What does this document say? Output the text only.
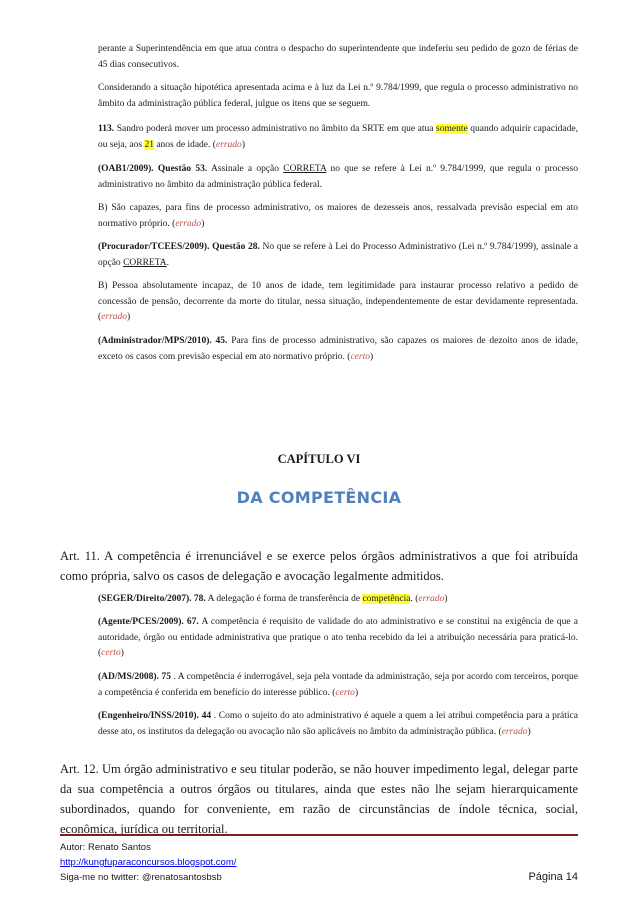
perante a Superintendência em que atua contra o despacho do superintendente que indeferiu seu pedido de gozo de férias de 45 dias consecutivos.
Considerando a situação hipotética apresentada acima e à luz da Lei n.º 9.784/1999, que regula o processo administrativo no âmbito da administração pública federal, julgue os itens que se seguem.
113. Sandro poderá mover um processo administrativo no âmbito da SRTE em que atua somente quando adquirir capacidade, ou seja, aos 21 anos de idade. (errado)
(OAB1/2009). Questão 53. Assinale a opção CORRETA no que se refere à Lei n.º 9.784/1999, que regula o processo administrativo no âmbito da administração pública federal.
B) São capazes, para fins de processo administrativo, os maiores de dezesseis anos, ressalvada previsão especial em ato normativo próprio. (errado)
(Procurador/TCEES/2009). Questão 28. No que se refere à Lei do Processo Administrativo (Lei n.º 9.784/1999), assinale a opção CORRETA.
B) Pessoa absolutamente incapaz, de 10 anos de idade, tem legitimidade para instaurar processo relativo a pedido de concessão de pensão, decorrente da morte do titular, nessa situação, independentemente de estar devidamente representada. (errado)
(Administrador/MPS/2010). 45. Para fins de processo administrativo, são capazes os maiores de dezoito anos de idade, exceto os casos com previsão especial em ato normativo próprio. (certo)
CAPÍTULO VI
DA COMPETÊNCIA
Art. 11. A competência é irrenunciável e se exerce pelos órgãos administrativos a que foi atribuída como própria, salvo os casos de delegação e avocação legalmente admitidos.
(SEGER/Direito/2007). 78. A delegação é forma de transferência de competência. (errado)
(Agente/PCES/2009). 67. A competência é requisito de validade do ato administrativo e se constitui na exigência de que a autoridade, órgão ou entidade administrativa que pratique o ato tenha recebido da lei a atribuição necessária para praticá-lo. (certo)
(AD/MS/2008). 75 . A competência é inderrogável, seja pela vontade da administração, seja por acordo com terceiros, porque a competência é conferida em benefício do interesse público. (certo)
(Engenheiro/INSS/2010). 44 . Como o sujeito do ato administrativo é aquele a quem a lei atribui competência para a prática desse ato, os institutos da delegação ou avocação não são aplicáveis no âmbito da administração pública. (errado)
Art. 12. Um órgão administrativo e seu titular poderão, se não houver impedimento legal, delegar parte da sua competência a outros órgãos ou titulares, ainda que estes não lhe sejam hierarquicamente subordinados, quando for conveniente, em razão de circunstâncias de índole técnica, social, econômica, jurídica ou territorial.
Autor: Renato Santos
http://kungfuparaconcursos.blogspot.com/
Siga-me no twitter: @renatosantosbsb	Página 14
